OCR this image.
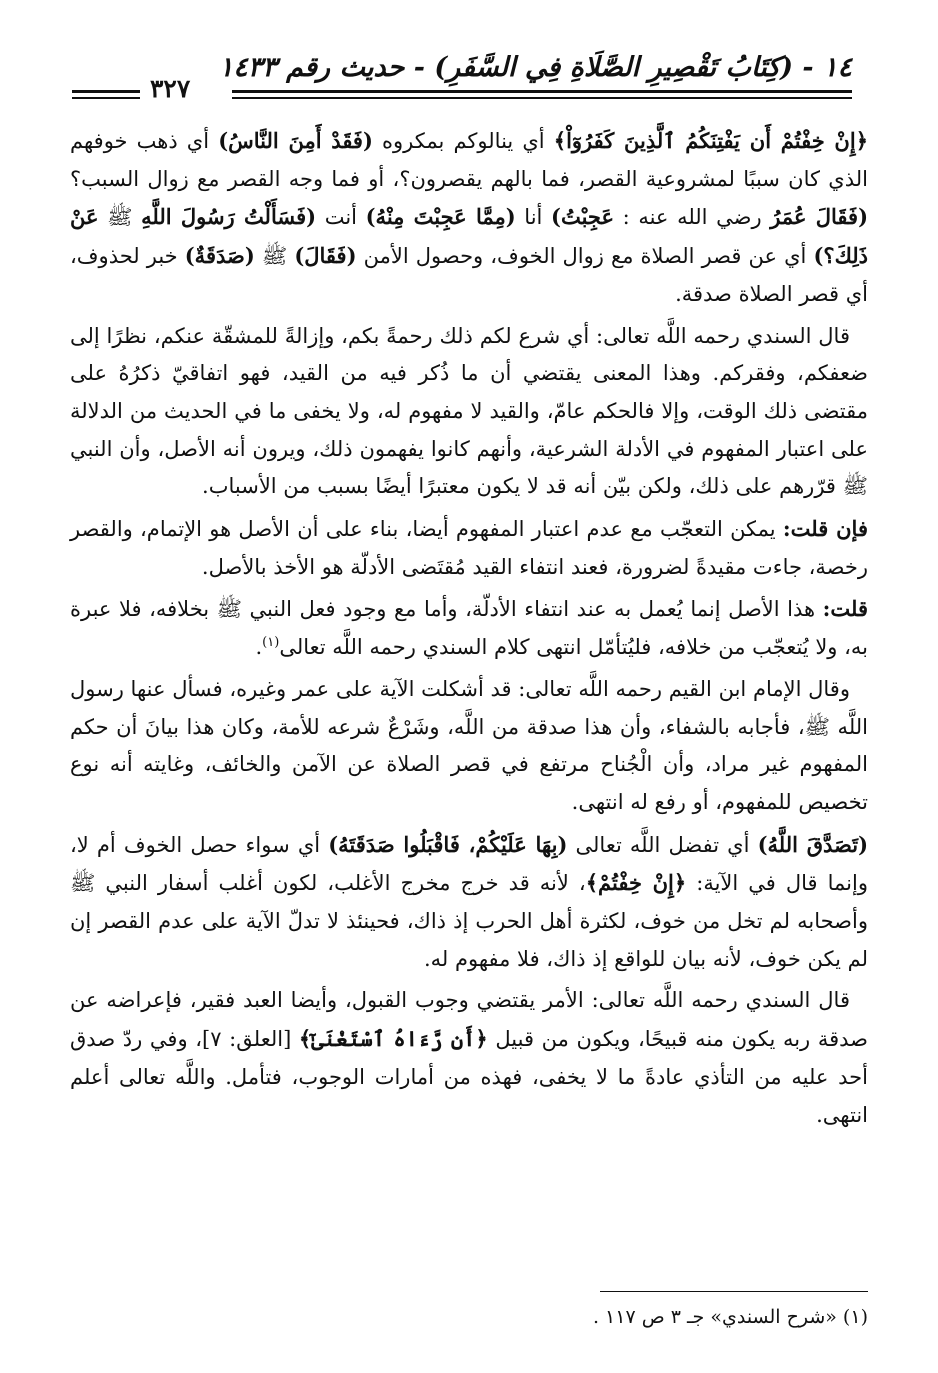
١٤ - (كِتَابُ تَقْصِيرِ الصَّلَاةِ فِي السَّفَرِ) - حديث رقم ١٤٣٣
٣٢٧

﴿إِنْ خِفْتُمْ أَن يَفْتِنَكُمُ ٱلَّذِينَ كَفَرُوٓاْ﴾ أي ينالوكم بمكروه (فَقَدْ أَمِنَ النَّاسُ) أي ذهب خوفهم الذي كان سببًا لمشروعية القصر، فما بالهم يقصرون؟، أو فما وجه القصر مع زوال السبب؟ (فَقَالَ عُمَرُ رضي الله عنه : عَجِبْتُ) أنا (مِمَّا عَجِبْتَ مِنْهُ) أنت (فَسَأَلْتُ رَسُولَ اللَّهِ ﷺ عَنْ ذَلِكَ؟) أي عن قصر الصلاة مع زوال الخوف، وحصول الأمن (فَقَالَ) ﷺ (صَدَقَةٌ) خبر لحذوف، أي قصر الصلاة صدقة.

قال السندي رحمه اللَّه تعالى: أي شرع لكم ذلك رحمةً بكم، وإزالةً للمشقّة عنكم، نظرًا إلى ضعفكم، وفقركم. وهذا المعنى يقتضي أن ما ذُكر فيه من القيد، فهو اتفاقيّ ذكرُهُ على مقتضى ذلك الوقت، وإلا فالحكم عامّ، والقيد لا مفهوم له، ولا يخفى ما في الحديث من الدلالة على اعتبار المفهوم في الأدلة الشرعية، وأنهم كانوا يفهمون ذلك، ويرون أنه الأصل، وأن النبي ﷺ قرّرهم على ذلك، ولكن بيّن أنه قد لا يكون معتبرًا أيضًا بسبب من الأسباب.

فإن قلت: يمكن التعجّب مع عدم اعتبار المفهوم أيضا، بناء على أن الأصل هو الإتمام، والقصر رخصة، جاءت مقيدةً لضرورة، فعند انتفاء القيد مُقتَضى الأدلّة هو الأخذ بالأصل.

قلت: هذا الأصل إنما يُعمل به عند انتفاء الأدلّة، وأما مع وجود فعل النبي ﷺ بخلافه، فلا عبرة به، ولا يُتعجّب من خلافه، فليُتأمّل انتهى كلام السندي رحمه اللَّه تعالى$^{(١)}$.

وقال الإمام ابن القيم رحمه اللَّه تعالى: قد أشكلت الآية على عمر وغيره، فسأل عنها رسول اللَّه ﷺ، فأجابه بالشفاء، وأن هذا صدقة من اللَّه، وشَرْعٌ شرعه للأمة، وكان هذا بيانَ أن حكم المفهوم غير مراد، وأن الْجُناح مرتفع في قصر الصلاة عن الآمن والخائف، وغايته أنه نوع تخصيص للمفهوم، أو رفع له انتهى.

(تَصَدَّقَ اللَّهُ) أي تفضل اللَّه تعالى (بِهَا عَلَيْكُمْ، فَاقْبَلُوا صَدَقَتَهُ) أي سواء حصل الخوف أم لا، وإنما قال في الآية: ﴿إِنْ خِفْتُمْ﴾، لأنه قد خرج مخرج الأغلب، لكون أغلب أسفار النبي ﷺ وأصحابه لم تخل من خوف، لكثرة أهل الحرب إذ ذاك، فحينئذ لا تدلّ الآية على عدم القصر إن لم يكن خوف، لأنه بيان للواقع إذ ذاك، فلا مفهوم له.

قال السندي رحمه اللَّه تعالى: الأمر يقتضي وجوب القبول، وأيضا العبد فقير، فإعراضه عن صدقة ربه يكون منه قبيحًا، ويكون من قبيل ﴿أَن رَّءَاهُ ٱسْتَغْنَىٰٓ﴾ [العلق: ٧]، وفي ردّ صدق أحد عليه من التأذي عادةً ما لا يخفى، فهذه من أمارات الوجوب، فتأمل. واللَّه تعالى أعلم انتهى.

(١) «شرح السندي» جـ ٣ ص ١١٧ .
